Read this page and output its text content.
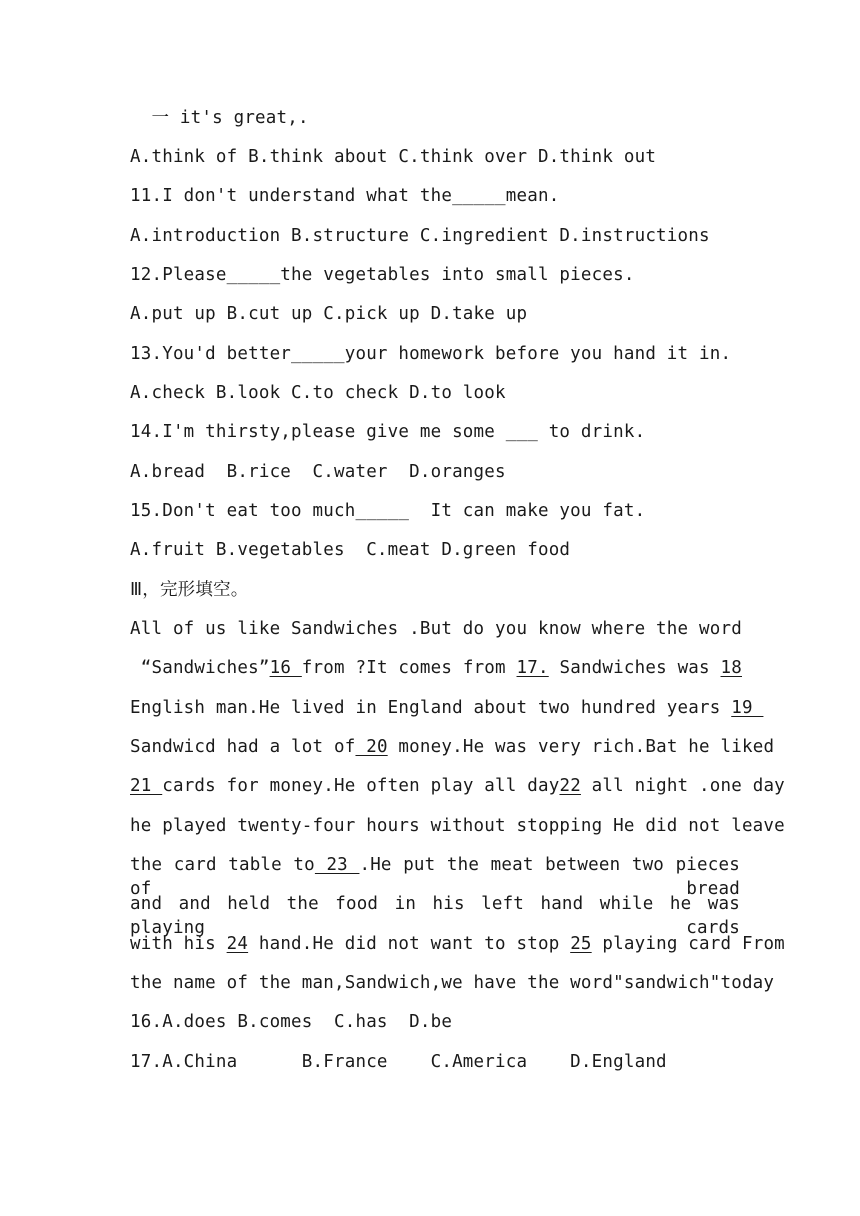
一 it's great,.
A.think of B.think about C.think over D.think out
11.I don't understand what the_____mean.
A.introduction B.structure C.ingredient D.instructions
12.Please_____the vegetables into small pieces.
A.put up B.cut up C.pick up D.take up
13.You'd better_____your homework before you hand it in.
A.check B.look C.to check D.to look
14.I'm thirsty,please give me some ___ to drink.
A.bread  B.rice  C.water  D.oranges
15.Don't eat too much_____  It can make you fat.
A.fruit B.vegetables  C.meat D.green food
Ⅲ，完形填空。
All of us like Sandwiches .But do you know where the word
“Sandwiches”16 from ?It comes from 17. Sandwiches was 18
English man.He lived in England about two hundred years 19
Sandwicd had a lot of 20 money.He was very rich.Bat he liked
21 cards for money.He often play all day22 all night .one day
he played twenty-four hours without stopping He did not leave
the card table to 23 .He put the meat between two pieces of bread
and and held the food in his left hand while he was playing cards
with his 24 hand.He did not want to stop 25 playing card From
the name of the man,Sandwich,we have the word"sandwich"today
16.A.does B.comes  C.has  D.be
17.A.China      B.France    C.America    D.England
